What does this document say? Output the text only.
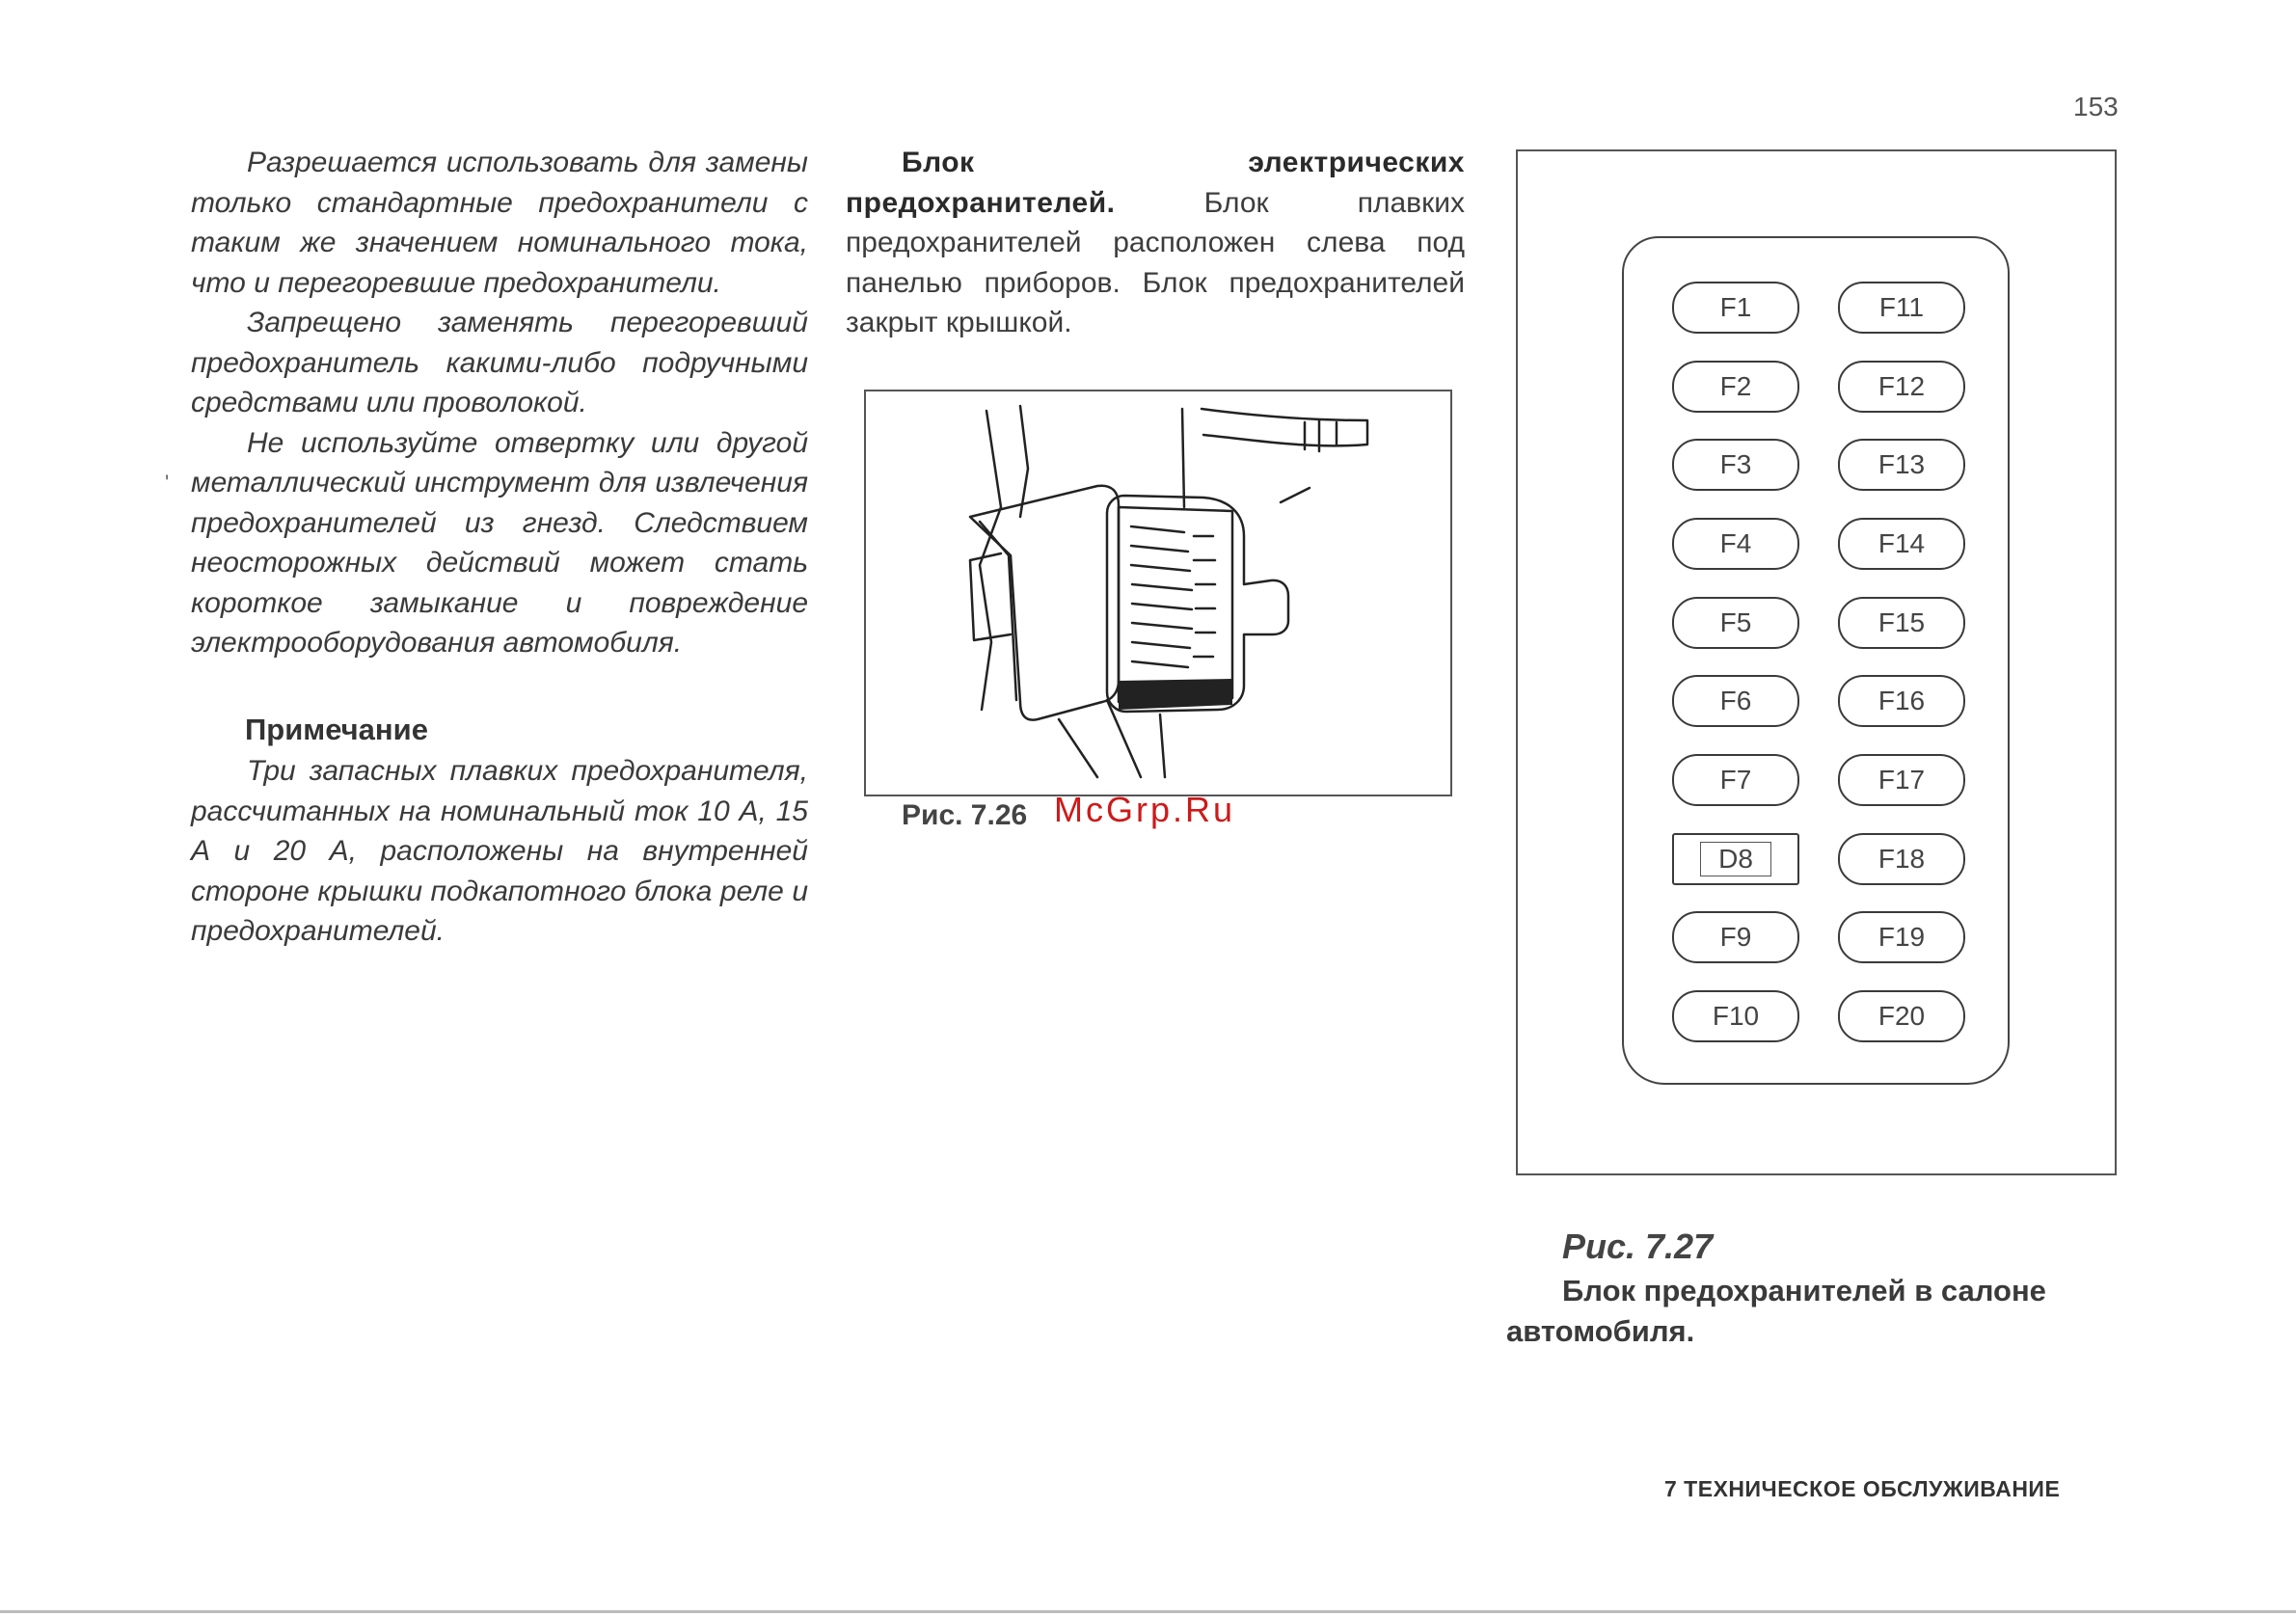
153
'

Разрешается использовать для замены только стандартные предохранители с таким же значением номинального тока, что и перегоревшие предохранители.

Запрещено заменять перегоревший предохранитель какими-либо подручными средствами или проволокой.

Не используйте отвертку или другой металлический инструмент для извлечения предохранителей из гнезд. Следствием неосторожных действий может стать короткое замыкание и повреждение электрооборудования автомобиля.

Примечание

Три запасных плавких предохранителя, рассчитанных на номинальный ток 10 А, 15 А и 20 А, расположены на внутренней стороне крышки подкапотного блока реле и предохранителей.

Блок электрических предохранителей. Блок плавких предохранителей расположен слева под панелью приборов. Блок предохранителей закрыт крышкой.

Рис. 7.26 McGrp.Ru
F1
F2
F3
F4
F5
F6
F7
D8
F9
F10
F11
F12
F13
F14
F15
F16
F17
F18
F19
F20
Рис. 7.27
Блок предохранителей в салоне автомобиля.
7 ТЕХНИЧЕСКОЕ ОБСЛУЖИВАНИЕ
